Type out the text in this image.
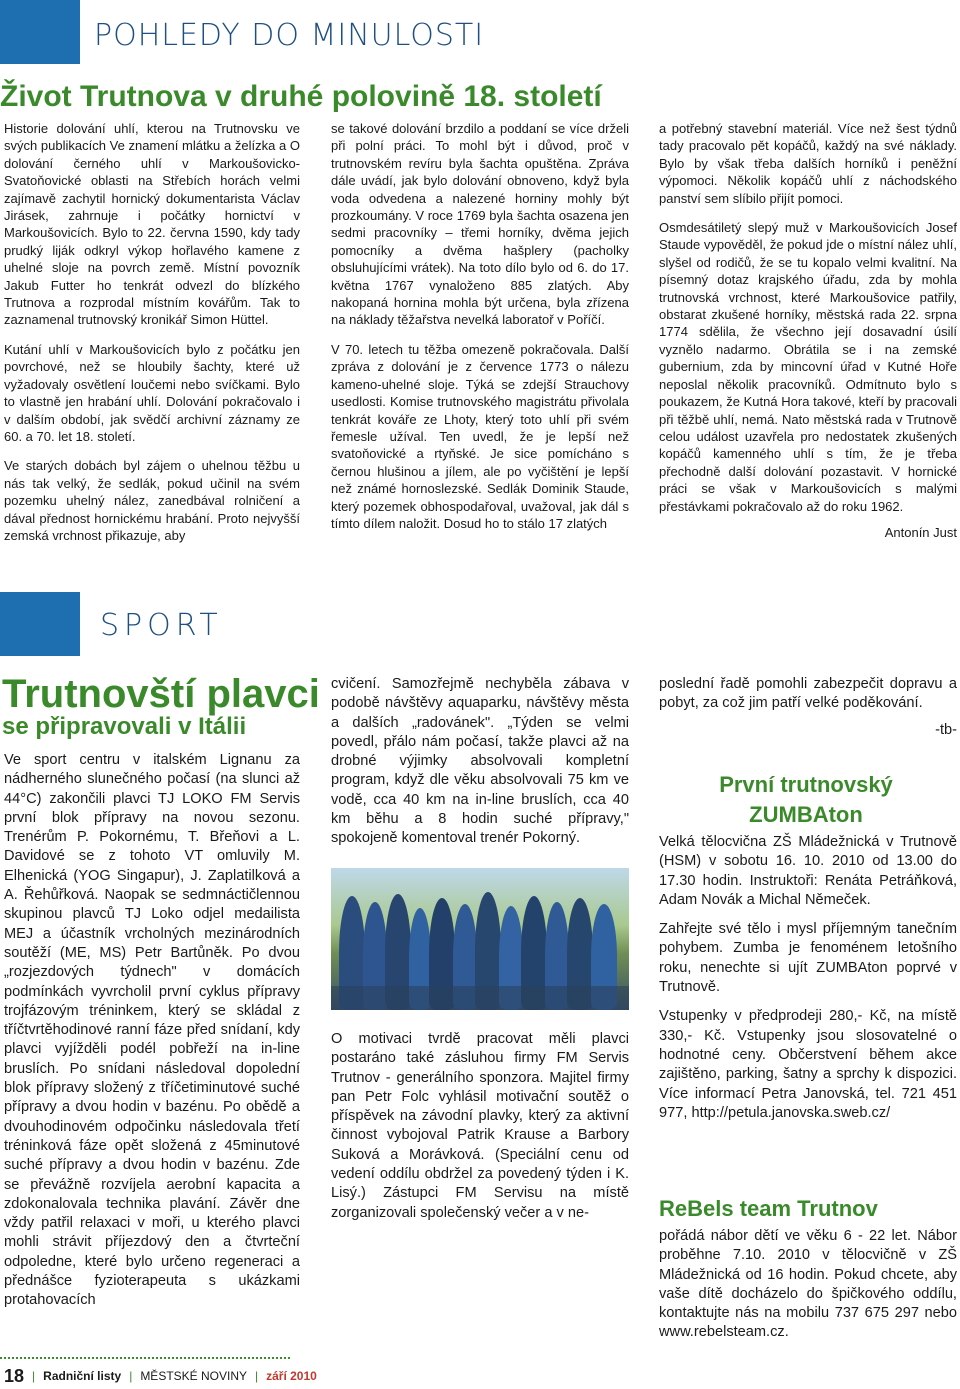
POHLEDY DO MINULOSTI
Život Trutnova v druhé polovině 18. století

Historie dolování uhlí, kterou na Trutnovsku ve svých publikacích Ve znamení mlátku a želízka a O dolování černého uhlí v Markoušovicko-Svatoňovické oblasti na Střebích horách velmi zajímavě zachytil hornický dokumentarista Václav Jirásek, zahrnuje i počátky hornictví v Markoušovicích. Bylo to 22. června 1590, kdy tady prudký liják odkryl výkop hořlavého kamene z uhelné sloje na povrch země. Místní povozník Jakub Futter ho tenkrát odvezl do blízkého Trutnova a rozprodal místním kovářům. Tak to zaznamenal trutnovský kronikář Simon Hüttel.

Kutání uhlí v Markoušovicích bylo z počátku jen povrchové, než se hloubily šachty, které už vyžadovaly osvětlení loučemi nebo svíčkami. Bylo to vlastně jen hrabání uhlí. Dolování pokračovalo i v dalším období, jak svědčí archivní záznamy ze 60. a 70. let 18. století.

Ve starých dobách byl zájem o uhelnou těžbu u nás tak velký, že sedlák, pokud učinil na svém pozemku uhelný nález, zanedbával rolničení a dával přednost hornickému hrabání. Proto nejvyšší zemská vrchnost přikazuje, aby

se takové dolování brzdilo a poddaní se více drželi při polní práci. To mohl být i důvod, proč v trutnovském revíru byla šachta opuštěna. Zpráva dále uvádí, jak bylo dolování obnoveno, když byla voda odvedena a nalezené horniny mohly být prozkoumány. V roce 1769 byla šachta osazena jen sedmi pracovníky – třemi horníky, dvěma jejich pomocníky a dvěma hašplery (pacholky obsluhujícími vrátek). Na toto dílo bylo od 6. do 17. května 1767 vynaloženo 885 zlatých. Aby nakopaná hornina mohla být určena, byla zřízena na náklady těžařstva nevelká laboratoř v Poříčí.

V 70. letech tu těžba omezeně pokračovala. Další zpráva z dolování je z července 1773 o nálezu kameno-uhelné sloje. Týká se zdejší Strauchovy usedlosti. Komise trutnovského magistrátu přivolala tenkrát kováře ze Lhoty, který toto uhlí při svém řemesle užíval. Ten uvedl, že je lepší než svatoňovické a rtyňské. Je sice pomícháno s černou hlušinou a jílem, ale po vyčištění je lepší než známé hornoslezské. Sedlák Dominik Staude, který pozemek obhospodařoval, uvažoval, jak dál s tímto dílem naložit. Dosud ho to stálo 17 zlatých

a potřebný stavební materiál. Více než šest týdnů tady pracovalo pět kopáčů, každý na své náklady. Bylo by však třeba dalších horníků i peněžní výpomoci. Několik kopáčů uhlí z náchodského panství sem slíbilo přijít pomoci.

Osmdesátiletý slepý muž v Markoušovicích Josef Staude vypověděl, že pokud jde o místní nález uhlí, slyšel od rodičů, že se tu kopalo velmi kvalitní. Na písemný dotaz krajského úřadu, zda by mohla trutnovská vrchnost, které Markoušovice patřily, obstarat zkušené horníky, městská rada 22. srpna 1774 sdělila, že všechno její dosavadní úsilí vyznělo nadarmo. Obrátila se i na zemské gubernium, zda by mincovní úřad v Kutné Hoře neposlal několik pracovníků. Odmítnuto bylo s poukazem, že Kutná Hora takové, kteří by pracovali při těžbě uhlí, nemá. Nato městská rada v Trutnově celou událost uzavřela pro nedostatek zkušených kopáčů kamenného uhlí s tím, že je třeba přechodně další dolování pozastavit. V hornické práci se však v Markoušovicích s malými přestávkami pokračovalo až do roku 1962.

Antonín Just
SPORT
Trutnovští plavci
se připravovali v Itálii

Ve sport centru v italském Lignanu za nádherného slunečného počasí (na slunci až 44°C) zakončili plavci TJ LOKO FM Servis první blok přípravy na novou sezonu. Trenérům P. Pokornému, T. Břeňovi a L. Davidové se z tohoto VT omluvily M. Elhenická (YOG Singapur), J. Zaplatilková a A. Řehůřková. Naopak se sedmnáctičlennou skupinou plavců TJ Loko odjel medailista MEJ a účastník vrcholných mezinárodních soutěží (ME, MS) Petr Bartůněk. Po dvou „rozjezdových týdnech" v domácích podmínkách vyvrcholil první cyklus přípravy trojfázovým tréninkem, který se skládal z tříčtvrtěhodinové ranní fáze před snídaní, kdy plavci vyjížděli podél pobřeží na in-line bruslích. Po snídani následoval dopolední blok přípravy složený z tříčetiminutové suché přípravy a dvou hodin v bazénu. Po obědě a dvouhodinovém odpočinku následovala třetí tréninková fáze opět složená z 45minutové suché přípravy a dvou hodin v bazénu. Zde se převážně rozvíjela aerobní kapacita a zdokonalovala technika plavání. Závěr dne vždy patřil relaxaci v moři, u kterého plavci mohli strávit příjezdový den a čtvrteční odpoledne, které bylo určeno regeneraci a přednášce fyzioterapeuta s ukázkami protahovacích

cvičení. Samozřejmě nechyběla zábava v podobě návštěvy aquaparku, návštěvy města a dalších „radovánek". „Týden se velmi povedl, přálo nám počasí, takže plavci až na drobné výjimky absolvovali kompletní program, když dle věku absolvovali 75 km ve vodě, cca 40 km na in-line bruslích, cca 40 km běhu a 8 hodin suché přípravy," spokojeně komentoval trenér Pokorný.

O motivaci tvrdě pracovat měli plavci postaráno také zásluhou firmy FM Servis Trutnov - generálního sponzora. Majitel firmy pan Petr Folc vyhlásil motivační soutěž o příspěvek na závodní plavky, který za aktivní činnost vybojoval Patrik Krause a Barbory Suková a Morávková. (Speciální cenu od vedení oddílu obdržel za povedený týden i K. Lisý.) Zástupci FM Servisu na místě zorganizovali společenský večer a v ne-

poslední řadě pomohli zabezpečit dopravu a pobyt, za což jim patří velké poděkování.

-tb-
První trutnovský ZUMBAton

Velká tělocvična ZŠ Mládežnická v Trutnově (HSM) v sobotu 16. 10. 2010 od 13.00 do 17.30 hodin. Instruktoři: Renáta Petráňková, Adam Novák a Michal Němeček.

Zahřejte své tělo i mysl příjemným tanečním pohybem. Zumba je fenoménem letošního roku, nenechte si ujít ZUMBAton poprvé v Trutnově.

Vstupenky v předprodeji 280,- Kč, na místě 330,- Kč. Vstupenky jsou slosovatelné o hodnotné ceny. Občerstvení během akce zajištěno, parking, šatny a sprchy k dispozici. Více informací Petra Janovská, tel. 721 451 977, http://petula.janovska.sweb.cz/

ReBels team Trutnov

pořádá nábor dětí ve věku 6 - 22 let. Nábor proběhne 7.10. 2010 v tělocvičně v ZŠ Mládežnická od 16 hodin. Pokud chcete, aby vaše dítě docházelo do špičkového oddílu, kontaktujte nás na mobilu 737 675 297 nebo www.rebelsteam.cz.

18 | Radniční listy | MĚSTSKÉ NOVINY | září 2010
